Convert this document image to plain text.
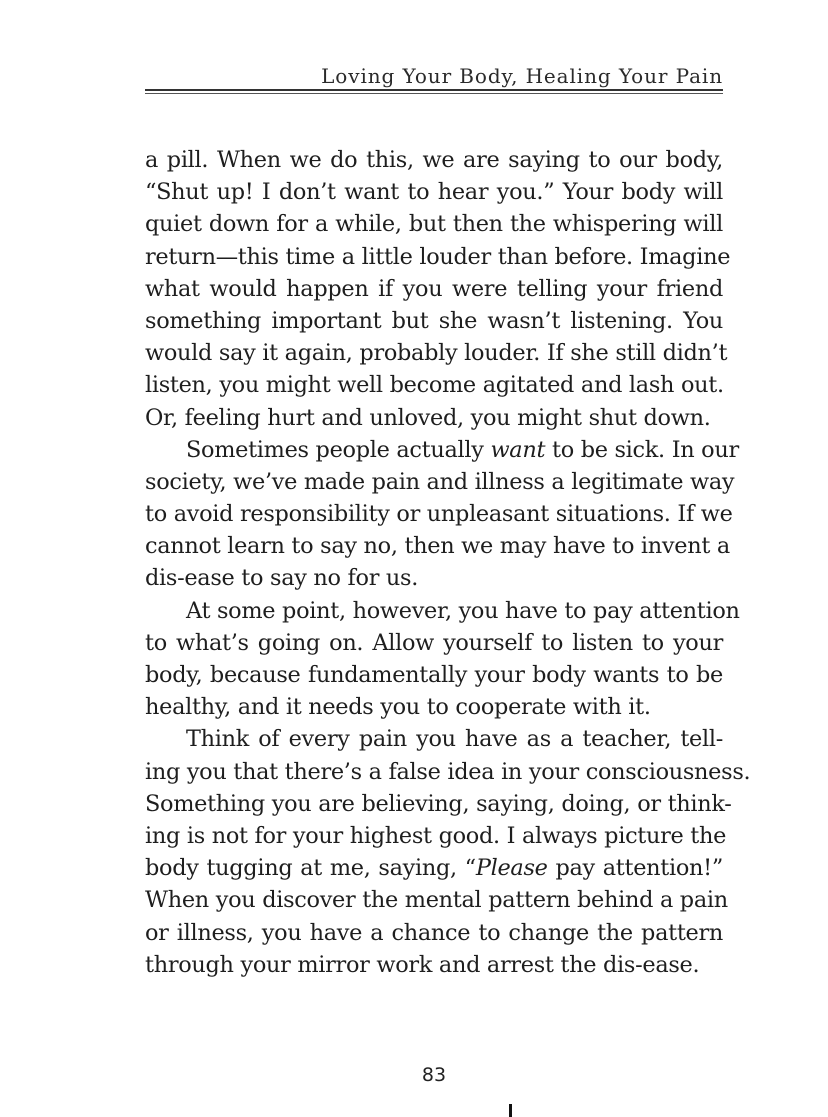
Loving Your Body, Healing Your Pain
a pill. When we do this, we are saying to our body,
“Shut up! I don’t want to hear you.” Your body will
quiet down for a while, but then the whispering will
return—this time a little louder than before. Imagine
what would happen if you were telling your friend
something important but she wasn’t listening. You
would say it again, probably louder. If she still didn’t
listen, you might well become agitated and lash out.
Or, feeling hurt and unloved, you might shut down.
Sometimes people actually want to be sick. In our
society, we’ve made pain and illness a legitimate way
to avoid responsibility or unpleasant situations. If we
cannot learn to say no, then we may have to invent a
dis-ease to say no for us.
At some point, however, you have to pay attention
to what’s going on. Allow yourself to listen to your
body, because fundamentally your body wants to be
healthy, and it needs you to cooperate with it.
Think of every pain you have as a teacher, tell-
ing you that there’s a false idea in your consciousness.
Something you are believing, saying, doing, or think-
ing is not for your highest good. I always picture the
body tugging at me, saying, “Please pay attention!”
When you discover the mental pattern behind a pain
or illness, you have a chance to change the pattern
through your mirror work and arrest the dis-ease.
83
